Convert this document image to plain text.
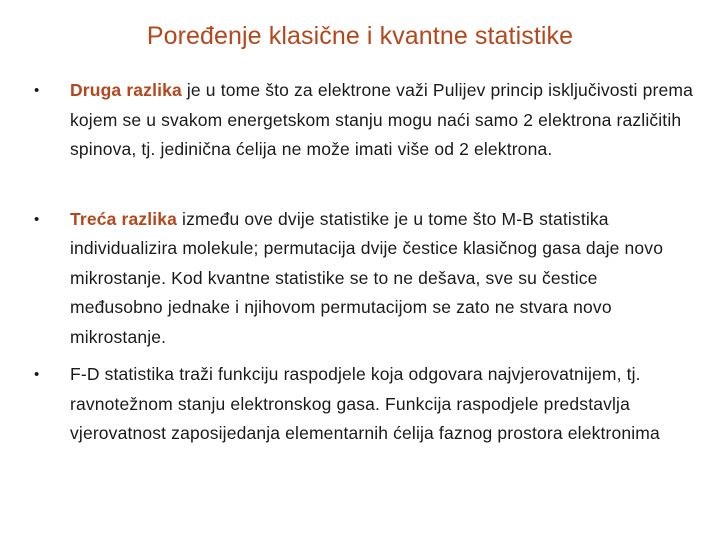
Poređenje klasične i kvantne statistike
• Druga razlika je u tome što za elektrone važi Pulijev princip isključivosti prema kojem se u svakom energetskom stanju mogu naći samo 2 elektrona različitih spinova, tj. jedinična ćelija ne može imati više od 2 elektrona.
• Treća razlika između ove dvije statistike je u tome što M-B statistika individualizira molekule; permutacija dvije čestice klasičnog gasa daje novo mikrostanje. Kod kvantne statistike se to ne dešava, sve su čestice međusobno jednake i njihovom permutacijom se zato ne stvara novo mikrostanje.
• F-D statistika traži funkciju raspodjele koja odgovara najvjerovatnijem, tj. ravnotežnom stanju elektronskog gasa. Funkcija raspodjele predstavlja vjerovatnost zaposijedanja elementarnih ćelija faznog prostora elektronima
